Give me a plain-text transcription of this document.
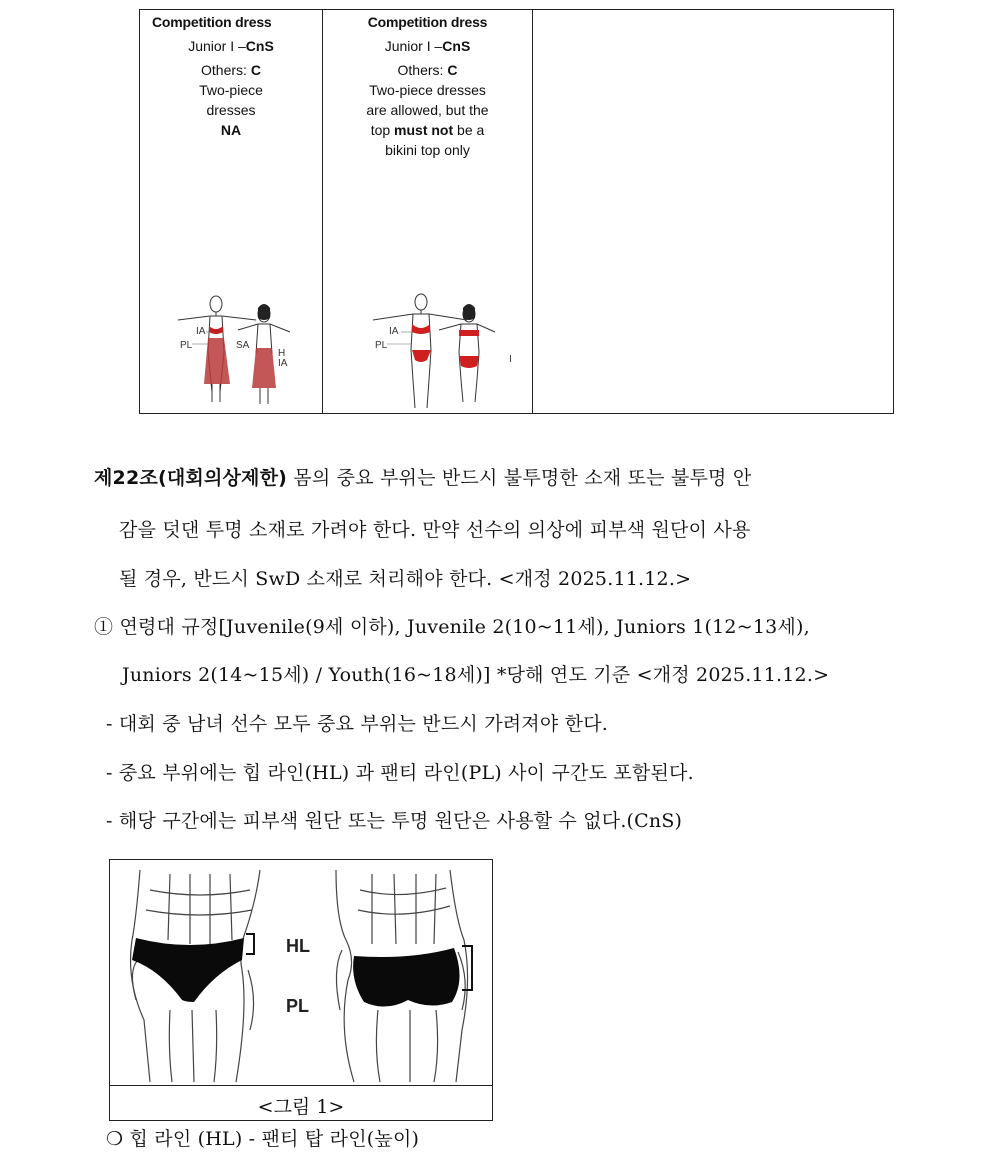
Competition dress
Junior I –CnS
Others: C
Two-piece
dresses
NA
IA
PL	SA
H
IA
Competition dress
Junior I –CnS
Others: C
Two-piece dresses
are allowed, but the
top must not be a
bikini top only
IA
PL
I
제22조(대회의상제한) 몸의 중요 부위는 반드시 불투명한 소재 또는 불투명 안
감을 덧댄 투명 소재로 가려야 한다. 만약 선수의 의상에 피부색 원단이 사용
될 경우, 반드시 SwD 소재로 처리해야 한다. <개정 2025.11.12.>
① 연령대 규정[Juvenile(9세 이하), Juvenile 2(10~11세), Juniors 1(12~13세),
Juniors 2(14~15세) / Youth(16~18세)] *당해 연도 기준 <개정 2025.11.12.>
- 대회 중 남녀 선수 모두 중요 부위는 반드시 가려져야 한다.
- 중요 부위에는 힙 라인(HL) 과 팬티 라인(PL) 사이 구간도 포함된다.
- 해당 구간에는 피부색 원단 또는 투명 원단은 사용할 수 없다.(CnS)
HL
PL
<그림 1>
❍ 힙 라인 (HL) - 팬티 탑 라인(높이)
